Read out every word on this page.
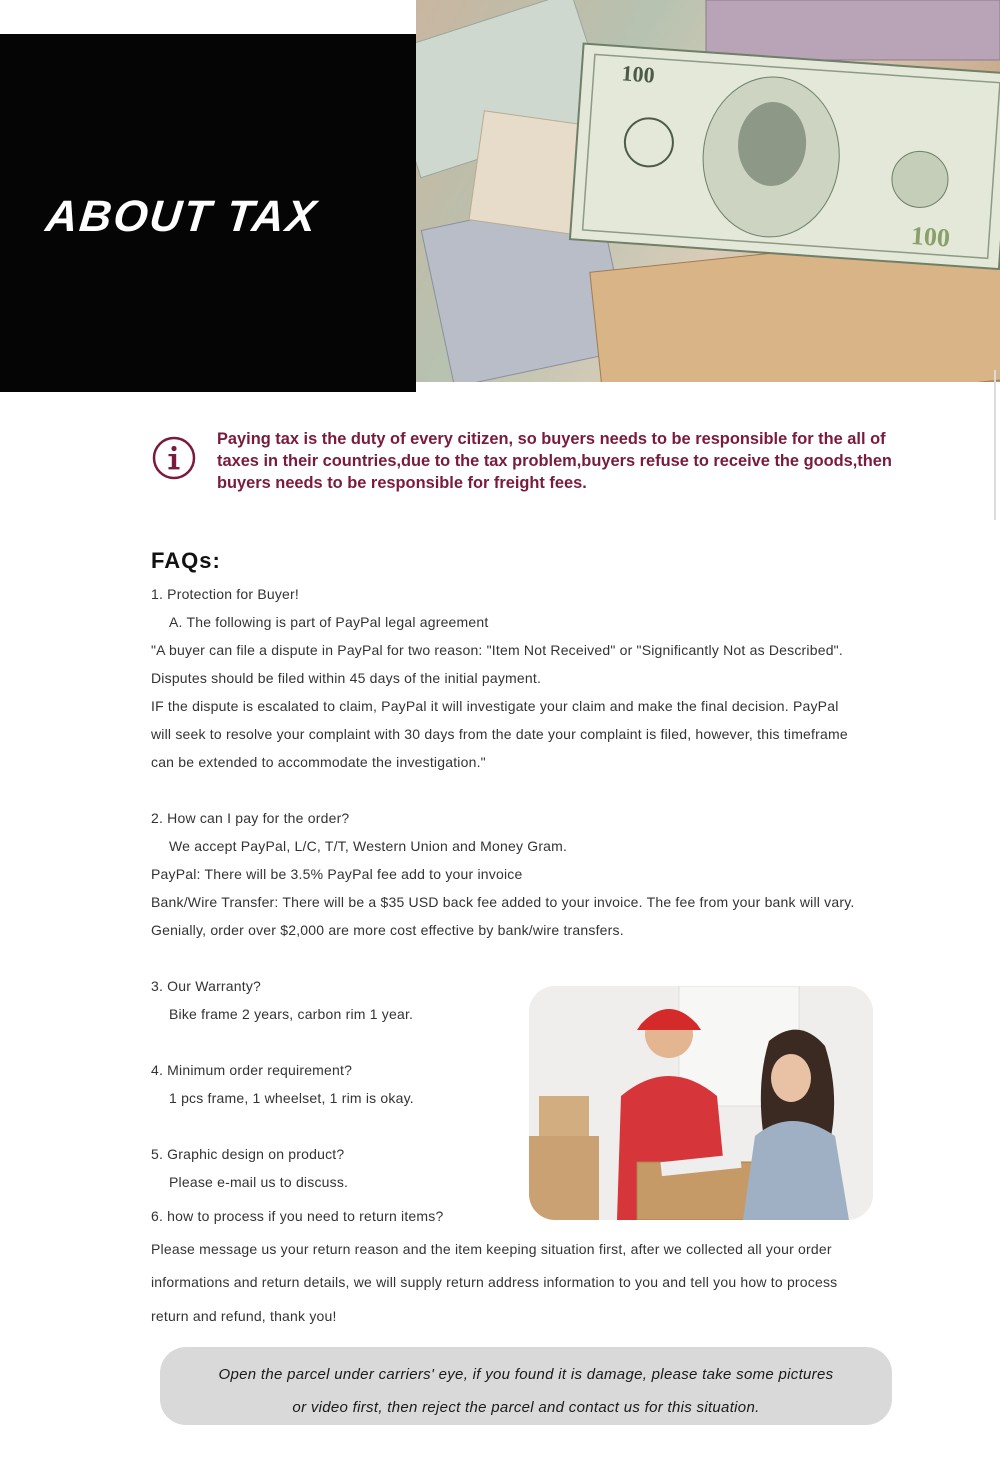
ABOUT TAX
100
100

Paying tax is the duty of every citizen, so buyers needs to be responsible for the all of taxes in their countries,due to the tax problem,buyers refuse to receive the goods,then buyers needs to be responsible for freight fees.

FAQs:

1. Protection for Buyer!

A. The following is part of PayPal legal agreement

"A buyer can file a dispute in PayPal for two reason: "Item Not Received" or "Significantly Not as Described".

Disputes should be filed within 45 days of the initial payment.

IF the dispute is escalated to claim, PayPal it will investigate your claim and make the final decision. PayPal

will seek to resolve your complaint with 30 days from the date your complaint is filed, however, this timeframe

can be extended to accommodate the investigation."

2. How can I pay for the order?

We accept PayPal, L/C, T/T, Western Union and Money Gram.

PayPal: There will be 3.5% PayPal fee add to your invoice

Bank/Wire Transfer: There will be a $35 USD back fee added to your invoice. The fee from your bank will vary.

Genially, order over $2,000 are more cost effective by bank/wire transfers.

3. Our Warranty?

Bike frame 2 years, carbon rim 1 year.

4. Minimum order requirement?

1 pcs frame, 1 wheelset, 1 rim is okay.

5. Graphic design on product?

Please e-mail us to discuss.

6. how to process if you need to return items?

Please message us your return reason and the item keeping situation first, after we collected all your order

informations and return details, we will supply return address information to you and tell you how to process

return and refund, thank you!

Open the parcel under carriers' eye, if you found it is damage, please take some pictures
or video first, then reject the parcel and contact us for this situation.
